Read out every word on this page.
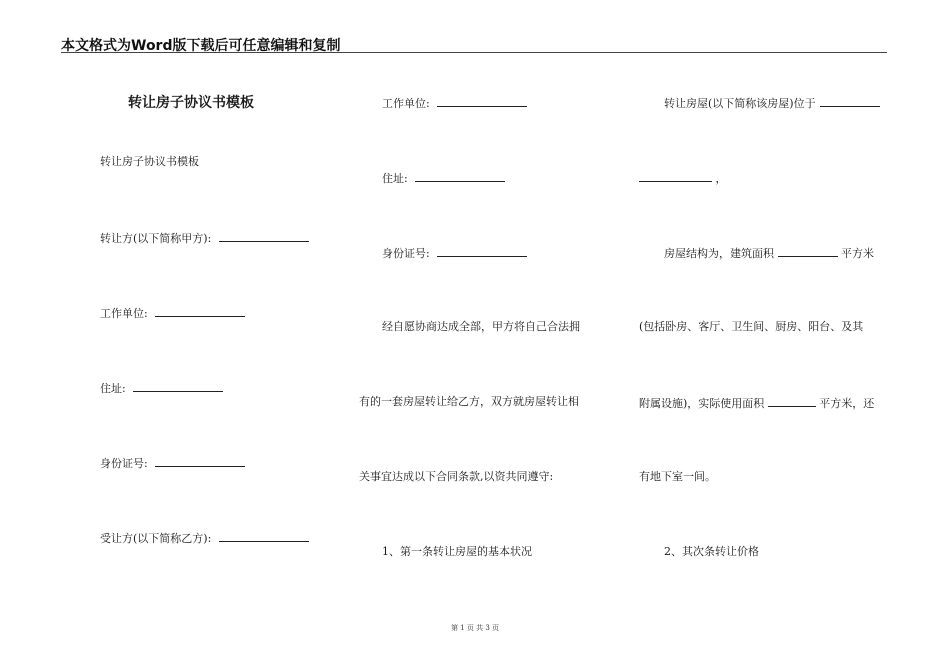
本文格式为Word版下载后可任意编辑和复制
转让房子协议书模板
转让房子协议书模板
转让方(以下简称甲方):
工作单位:
住址:
身份证号:
受让方(以下简称乙方):
工作单位:
住址:
身份证号:
经自愿协商达成全部，甲方将自己合法拥
有的一套房屋转让给乙方，双方就房屋转让相
关事宜达成以下合同条款,以资共同遵守:
1、第一条转让房屋的基本状况
转让房屋(以下简称该房屋)位于
，
房屋结构为，建筑面积	平方米
(包括卧房、客厅、卫生间、厨房、阳台、及其
附属设施)，实际使用面积	平方米，还
有地下室一间。
2、其次条转让价格
第 1 页 共 3 页
